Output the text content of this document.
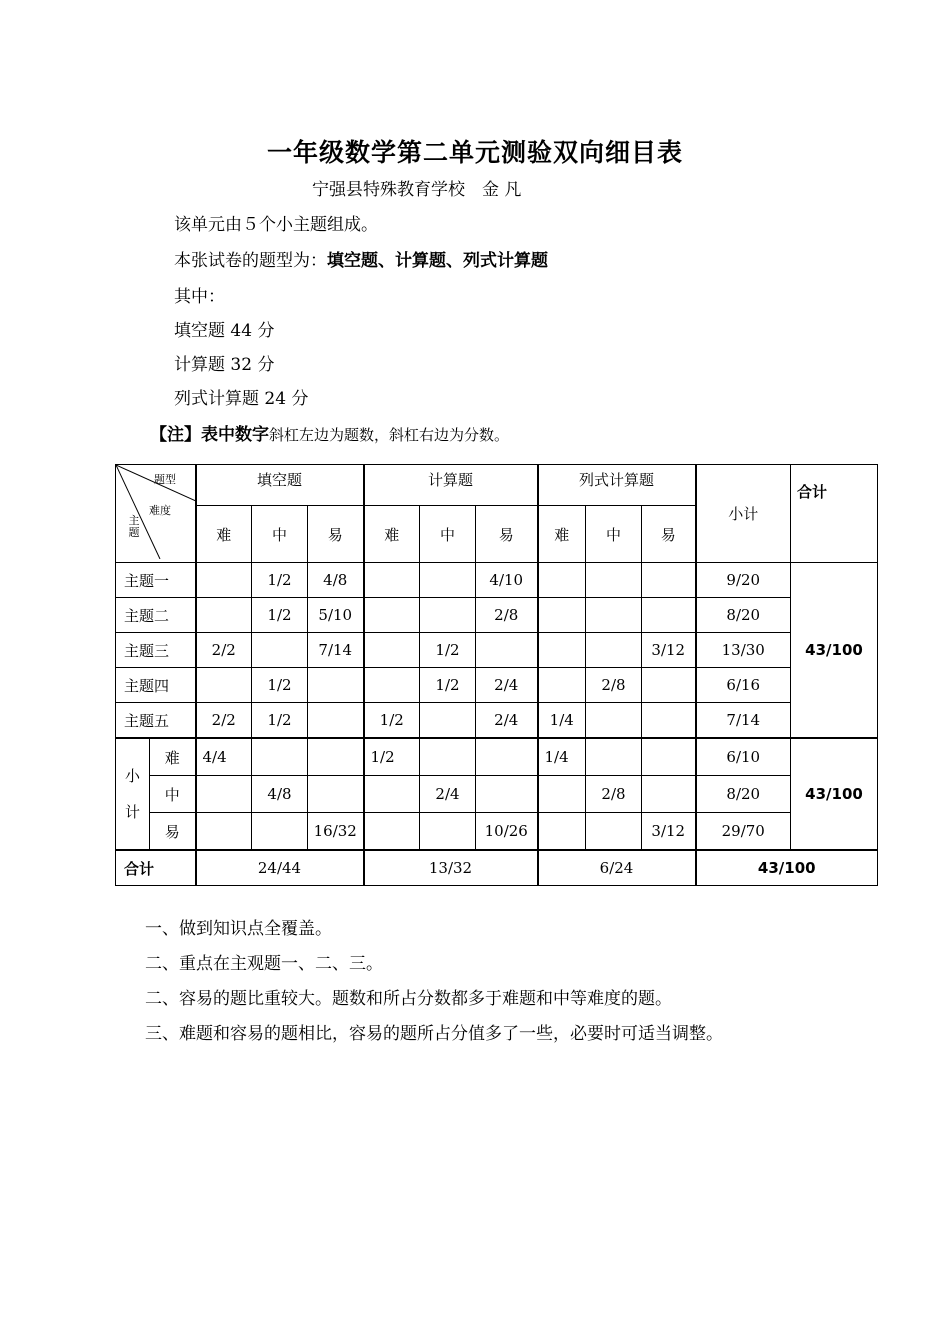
一年级数学第二单元测验双向细目表
宁强县特殊教育学校　金 凡
该单元由５个小主题组成。
本张试卷的题型为：填空题、计算题、列式计算题
其中：
填空题 44 分
计算题 32 分
列式计算题 24 分
【注】表中数字斜杠左边为题数，斜杠右边为分数。
题型
难度
主题		填空题			计算题			列式计算题			小计	合计
		难	中	易	难	中	易	难	中	易		
主题一			1/2	4/8			4/10				9/20	43/100
主题二			1/2	5/10			2/8				8/20	
主题三		2/2		7/14		1/2				3/12	13/30	
主题四			1/2			1/2	2/4		2/8		6/16	
主题五		2/2	1/2		1/2		2/4	1/4			7/14	

小
计	难	4/4			1/2			1/4			6/10	43/100
	中		4/8			2/4			2/8		8/20	
	易			16/32			10/26			3/12	29/70	
合计		24/44			13/32			6/24			43/100	
一、做到知识点全覆盖。
二、重点在主观题一、二、三。
二、容易的题比重较大。题数和所占分数都多于难题和中等难度的题。
三、难题和容易的题相比，容易的题所占分值多了一些，必要时可适当调整。
